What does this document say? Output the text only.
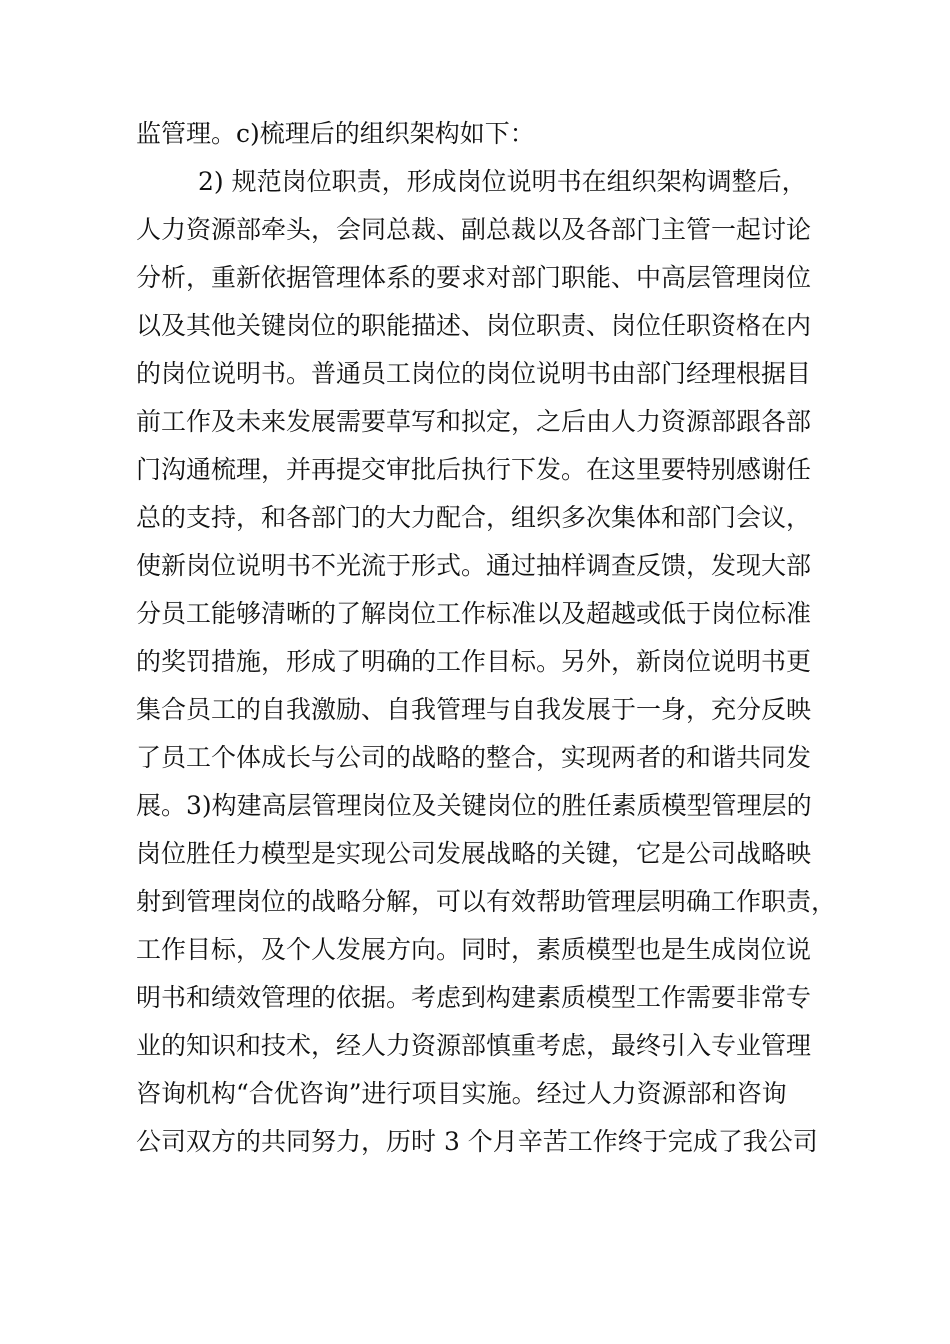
监管理。c)梳理后的组织架构如下：
2) 规范岗位职责，形成岗位说明书在组织架构调整后，
人力资源部牵头，会同总裁、副总裁以及各部门主管一起讨论
分析，重新依据管理体系的要求对部门职能、中高层管理岗位
以及其他关键岗位的职能描述、岗位职责、岗位任职资格在内
的岗位说明书。普通员工岗位的岗位说明书由部门经理根据目
前工作及未来发展需要草写和拟定，之后由人力资源部跟各部
门沟通梳理，并再提交审批后执行下发。在这里要特别感谢任
总的支持，和各部门的大力配合，组织多次集体和部门会议，
使新岗位说明书不光流于形式。通过抽样调查反馈，发现大部
分员工能够清晰的了解岗位工作标准以及超越或低于岗位标准
的奖罚措施，形成了明确的工作目标。另外，新岗位说明书更
集合员工的自我激励、自我管理与自我发展于一身，充分反映
了员工个体成长与公司的战略的整合，实现两者的和谐共同发
展。3)构建高层管理岗位及关键岗位的胜任素质模型管理层的
岗位胜任力模型是实现公司发展战略的关键，它是公司战略映
射到管理岗位的战略分解，可以有效帮助管理层明确工作职责，
工作目标，及个人发展方向。同时，素质模型也是生成岗位说
明书和绩效管理的依据。考虑到构建素质模型工作需要非常专
业的知识和技术，经人力资源部慎重考虑，最终引入专业管理
咨询机构“合优咨询”进行项目实施。经过人力资源部和咨询
公司双方的共同努力，历时 3 个月辛苦工作终于完成了我公司
